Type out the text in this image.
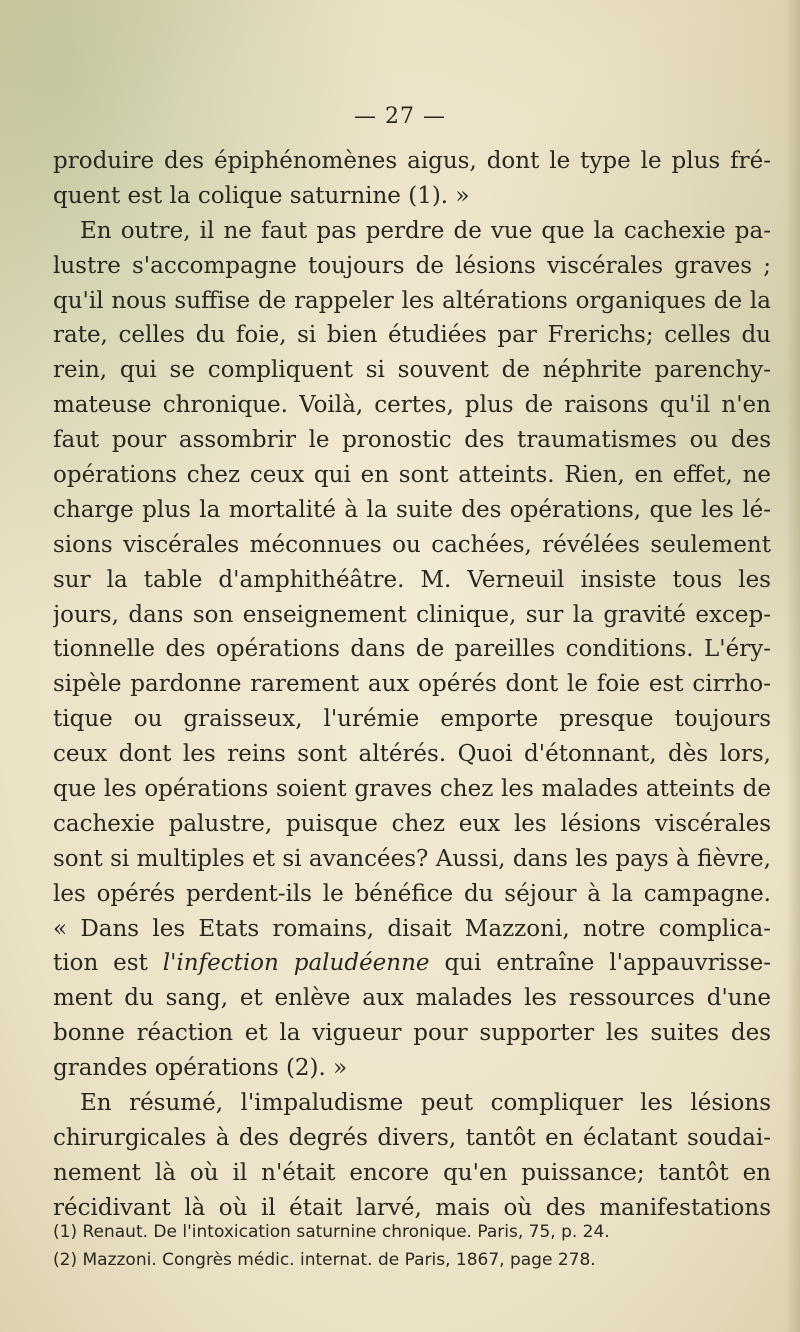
— 27 —
produire des épiphénomènes aigus, dont le type le plus fré-
quent est la colique saturnine (1). »
En outre, il ne faut pas perdre de vue que la cachexie pa-
lustre s'accompagne toujours de lésions viscérales graves ;
qu'il nous suffise de rappeler les altérations organiques de la
rate, celles du foie, si bien étudiées par Frerichs; celles du
rein, qui se compliquent si souvent de néphrite parenchy-
mateuse chronique. Voilà, certes, plus de raisons qu'il n'en
faut pour assombrir le pronostic des traumatismes ou des
opérations chez ceux qui en sont atteints. Rien, en effet, ne
charge plus la mortalité à la suite des opérations, que les lé-
sions viscérales méconnues ou cachées, révélées seulement
sur la table d'amphithéâtre. M. Verneuil insiste tous les
jours, dans son enseignement clinique, sur la gravité excep-
tionnelle des opérations dans de pareilles conditions. L'éry-
sipèle pardonne rarement aux opérés dont le foie est cirrho-
tique ou graisseux, l'urémie emporte presque toujours
ceux dont les reins sont altérés. Quoi d'étonnant, dès lors,
que les opérations soient graves chez les malades atteints de
cachexie palustre, puisque chez eux les lésions viscérales
sont si multiples et si avancées? Aussi, dans les pays à fièvre,
les opérés perdent-ils le bénéfice du séjour à la campagne.
« Dans les Etats romains, disait Mazzoni, notre complica-
tion est l'infection paludéenne qui entraîne l'appauvrisse-
ment du sang, et enlève aux malades les ressources d'une
bonne réaction et la vigueur pour supporter les suites des
grandes opérations (2). »
En résumé, l'impaludisme peut compliquer les lésions
chirurgicales à des degrés divers, tantôt en éclatant soudai-
nement là où il n'était encore qu'en puissance; tantôt en
récidivant là où il était larvé, mais où des manifestations
(1) Renaut. De l'intoxication saturnine chronique. Paris, 75, p. 24.
(2) Mazzoni. Congrès médic. internat. de Paris, 1867, page 278.
